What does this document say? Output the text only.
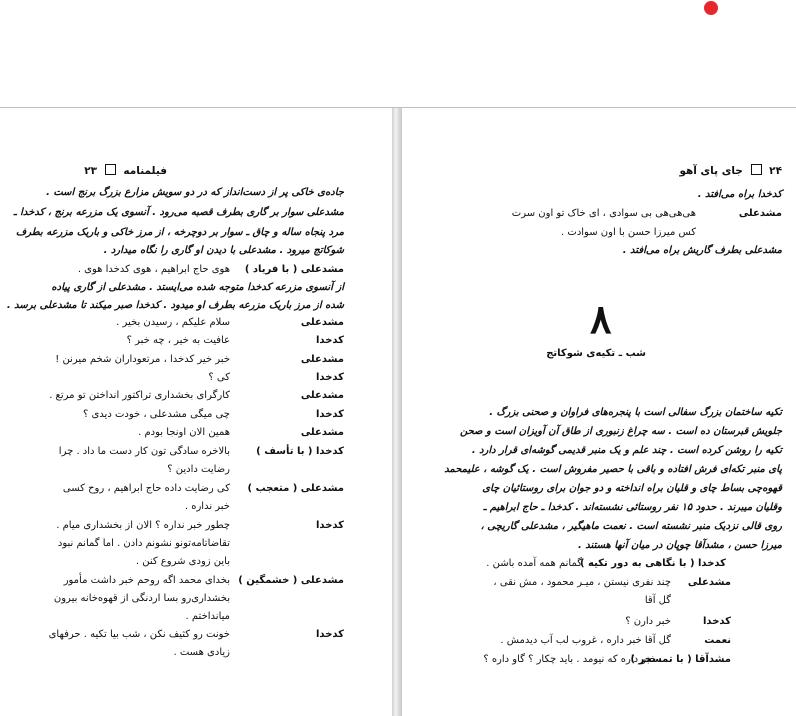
فیلمنامه  ۲۳
جاده‌ی خاکی پر از دست‌انداز که در دو سویش مزارع بزرگ برنج است .
مشدعلی سوار بر گاری بطرف قصبه می‌رود . آنسوی یک مزرعه برنج ، کدخدا ـ
مرد پنجاه ساله و چاق ـ سوار بر دوچرخه ، از مرز خاکی و باریک مزرعه بطرف
شوکاتج میرود . مشدعلی با دیدن او گاری را نگاه میدارد .
مشدعلی ( با فریاد )
هوی حاج ابراهیم ، هوی کدخدا هوی .
از آنسوی مزرعه کدخدا متوجه شده می‌ایستد . مشدعلی از گاری پیاده
شده از مرز باریک مزرعه بطرف او میدود . کدخدا صبر میکند تا مشدعلی برسد .
مشدعلی
سلام علیکم ، رسیدن بخیر .
کدخدا
عافیت به خیر ، چه خبر ؟
مشدعلی
خبر خیر کدخدا ، مرتعوداران شخم میرنن !
کدخدا
کی ؟
مشدعلی
کارگرای بخشداری تراکتور انداختن تو مرتع .
کدخدا
چی میگی مشدعلی ، خودت دیدی ؟
مشدعلی
همین الان اونجا بودم .
کدخدا ( با تأسف )
بالاخره سادگی تون کار دست ما داد . چرا
رضایت دادین ؟
مشدعلی ( متعجب )
کی رضایت داده حاج ابراهیم ، روح کسی
خبر نداره .
کدخدا
چطور خبر نداره ؟ الان از بخشداری میام .
تقاضاتامه‌تونو نشونم دادن . اما گمانم نبود
باین زودی شروع کنن .
مشدعلی ( خشمگین )
بخدای محمد اگه روحم خبر داشت مأمور
بخشداری‌رو بسا اردنگی از قهوه‌خانه بیرون
میانداختم .
کدخدا
خونت رو کثیف نکن ، شب بیا تکیه . حرفهای
زیادی هست .
۲۴  جای پای آهو
کدخدا براه می‌افتد .
مشدعلی
هی‌هی‌هی بی سوادی ، ای خاک تو اون سرت
کس میرزا حسن با اون سوادت .
مشدعلی بطرف گاریش براه می‌افتد .
۸
شب ـ تکیه‌ی شوکاتج
تکیه ساختمان بزرگ سفالی است با پنجره‌های فراوان و صحنی بزرگ .
جلویش قبرستان ده است . سه چراغ زنبوری از طاق آن آویزان است و صحن
تکیه را روشن کرده است . چند علم و یک منبر قدیمی گوشه‌ای قرار دارد .
پای منبر تکه‌ای فرش افتاده و باقی با حصیر مفروش است . یک گوشه ، علیمحمد
قهوه‌چی بساط چای و قلیان براه انداخته و دو جوان برای روستائیان چای
وقلیان میبرند . حدود ۱۵ نفر روستائی نشسته‌اند . کدخدا ـ حاج ابراهیم ـ
روی قالی نزدیک منبر نشسته است . نعمت ماهیگیر ، مشدعلی گاریچی ،
میرزا حسن ، مشدآقا چوپان در میان آنها هستند .
کدخدا ( با نگاهی به دور تکیه )
گمانم همه آمده باشن .
مشدعلی
چند نفری نیستن ، میـر محمود ، مش نقی ،
گل آقا
کدخدا
خبر دارن ؟
نعمت
گل آقا خبر داره ، غروب لب آب دیدمش .
مشدآقا ( با تمسخر )
خبر داره که نیومد . باید چکار ؟ گاو داره ؟
